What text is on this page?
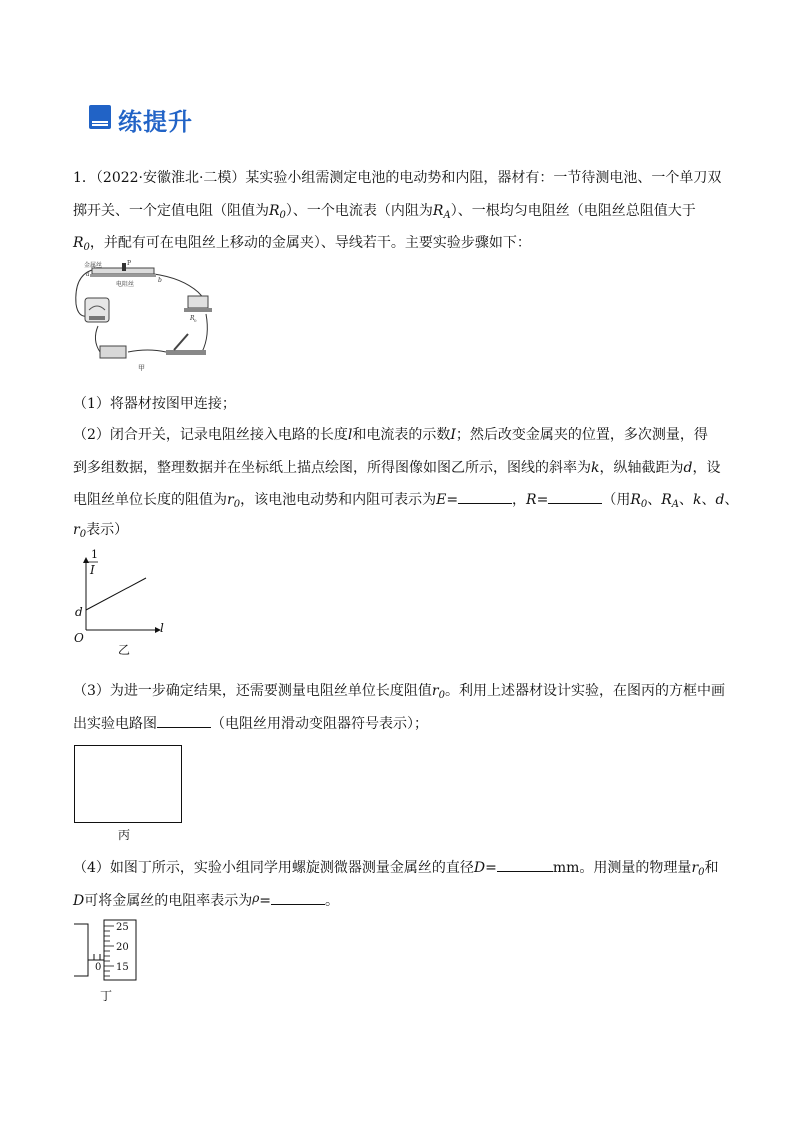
练提升
1．（2022·安徽淮北·二模）某实验小组需测定电池的电动势和内阻，器材有：一节待测电池、一个单刀双
掷开关、一个定值电阻（阻值为$R_0$）、一个电流表（内阻为$R_A$）、一根均匀电阻丝（电阻丝总阻值大于
$R_0$，并配有可在电阻丝上移动的金属夹）、导线若干。主要实验步骤如下：
金属丝	P
a
b
电阻丝
R 0
甲
（1）将器材按图甲连接；
（2）闭合开关，记录电阻丝接入电路的长度l和电流表的示数I；然后改变金属夹的位置，多次测量，得
到多组数据，整理数据并在坐标纸上描点绘图，所得图像如图乙所示，图线的斜率为k，纵轴截距为d，设
电阻丝单位长度的阻值为$r_0$，该电池电动势和内阻可表示为E=	，R=	（用$R_0$、$R_A$、k、d、
$r_0$表示）
1
I
d
O
l
乙
（3）为进一步确定结果，还需要测量电阻丝单位长度阻值$r_0$。利用上述器材设计实验，在图丙的方框中画
出实验电路图	（电阻丝用滑动变阻器符号表示）；
丙
（4）如图丁所示，实验小组同学用螺旋测微器测量金属丝的直径D=	mm。用测量的物理量$r_0$和
D可将金属丝的电阻率表示为ρ=	。
0
25
20
15
丁
